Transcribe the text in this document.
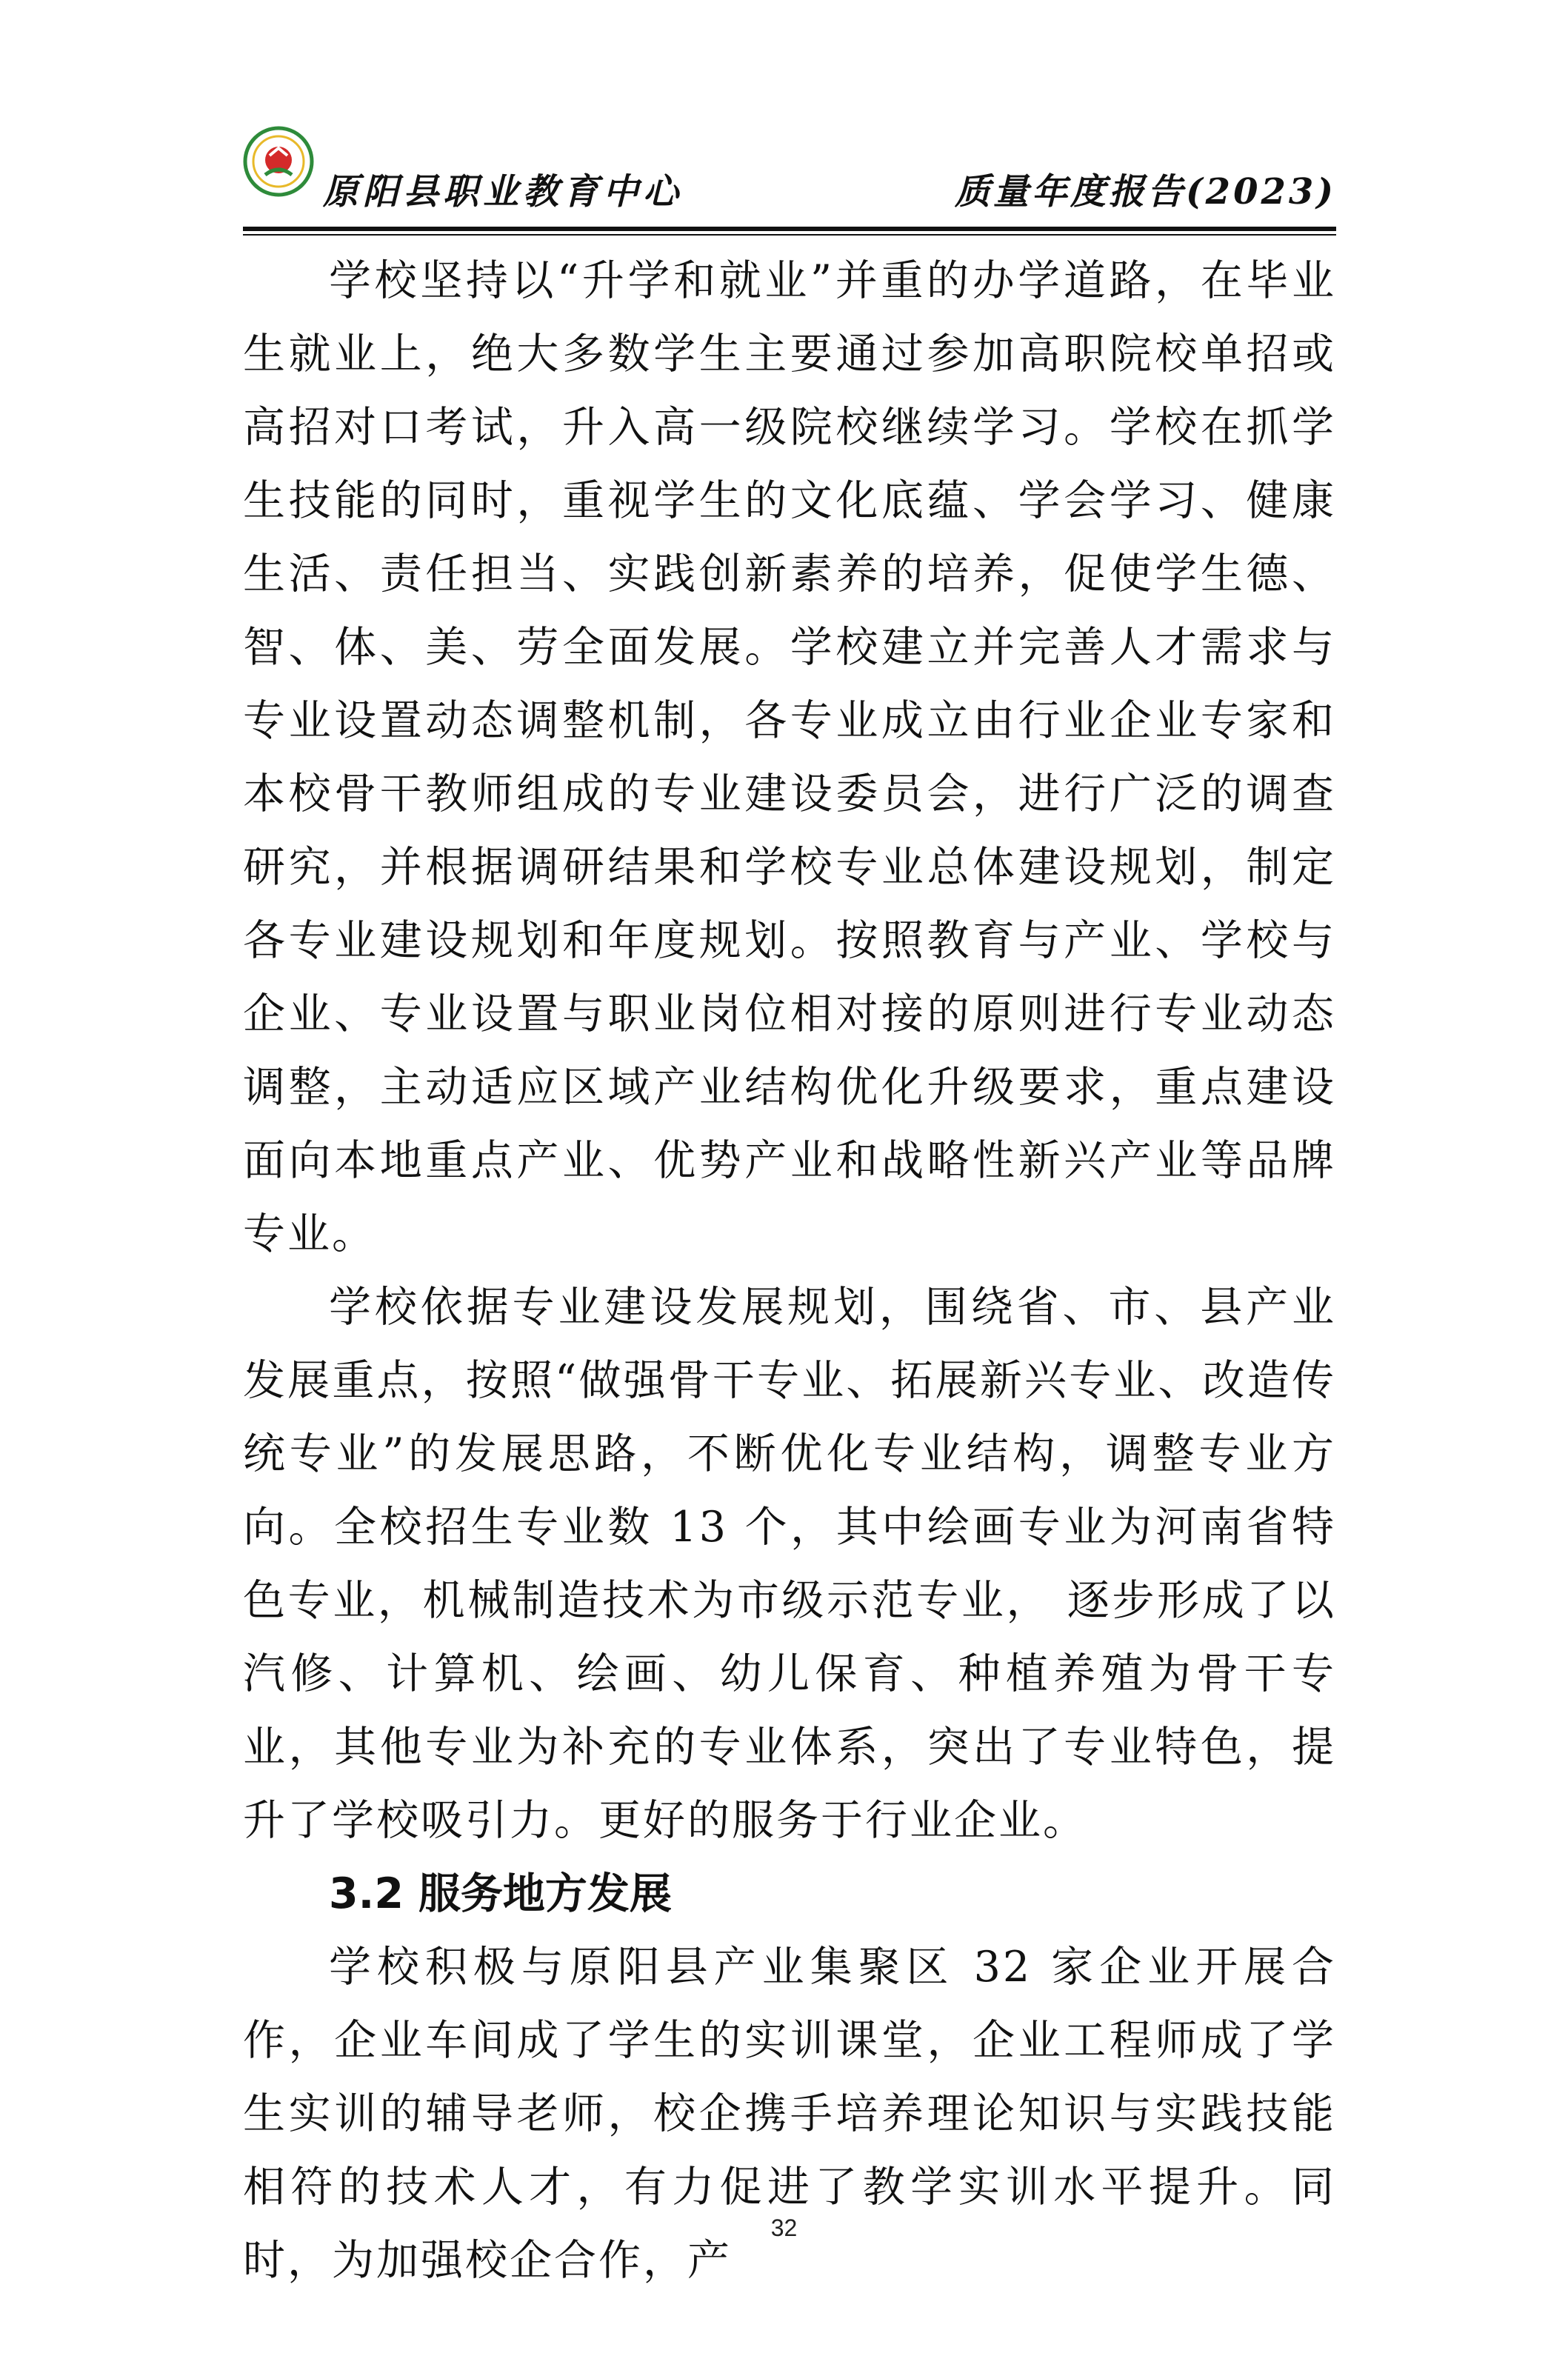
原阳县职业教育中心	质量年度报告(2023)

学校坚持以“升学和就业”并重的办学道路，在毕业生就业上，绝大多数学生主要通过参加高职院校单招或高招对口考试，升入高一级院校继续学习。学校在抓学生技能的同时，重视学生的文化底蕴、学会学习、健康生活、责任担当、实践创新素养的培养，促使学生德、智、体、美、劳全面发展。学校建立并完善人才需求与专业设置动态调整机制，各专业成立由行业企业专家和本校骨干教师组成的专业建设委员会，进行广泛的调查研究，并根据调研结果和学校专业总体建设规划，制定各专业建设规划和年度规划。按照教育与产业、学校与企业、专业设置与职业岗位相对接的原则进行专业动态调整，主动适应区域产业结构优化升级要求，重点建设面向本地重点产业、优势产业和战略性新兴产业等品牌专业。

学校依据专业建设发展规划，围绕省、市、县产业发展重点，按照“做强骨干专业、拓展新兴专业、改造传统专业”的发展思路，不断优化专业结构，调整专业方向。全校招生专业数 13 个，其中绘画专业为河南省特色专业，机械制造技术为市级示范专业， 逐步形成了以汽修、计算机、绘画、幼儿保育、种植养殖为骨干专业，其他专业为补充的专业体系，突出了专业特色，提升了学校吸引力。更好的服务于行业企业。

3.2 服务地方发展

学校积极与原阳县产业集聚区 32 家企业开展合作，企业车间成了学生的实训课堂，企业工程师成了学生实训的辅导老师，校企携手培养理论知识与实践技能相符的技术人才，有力促进了教学实训水平提升。同时，为加强校企合作，产

32
